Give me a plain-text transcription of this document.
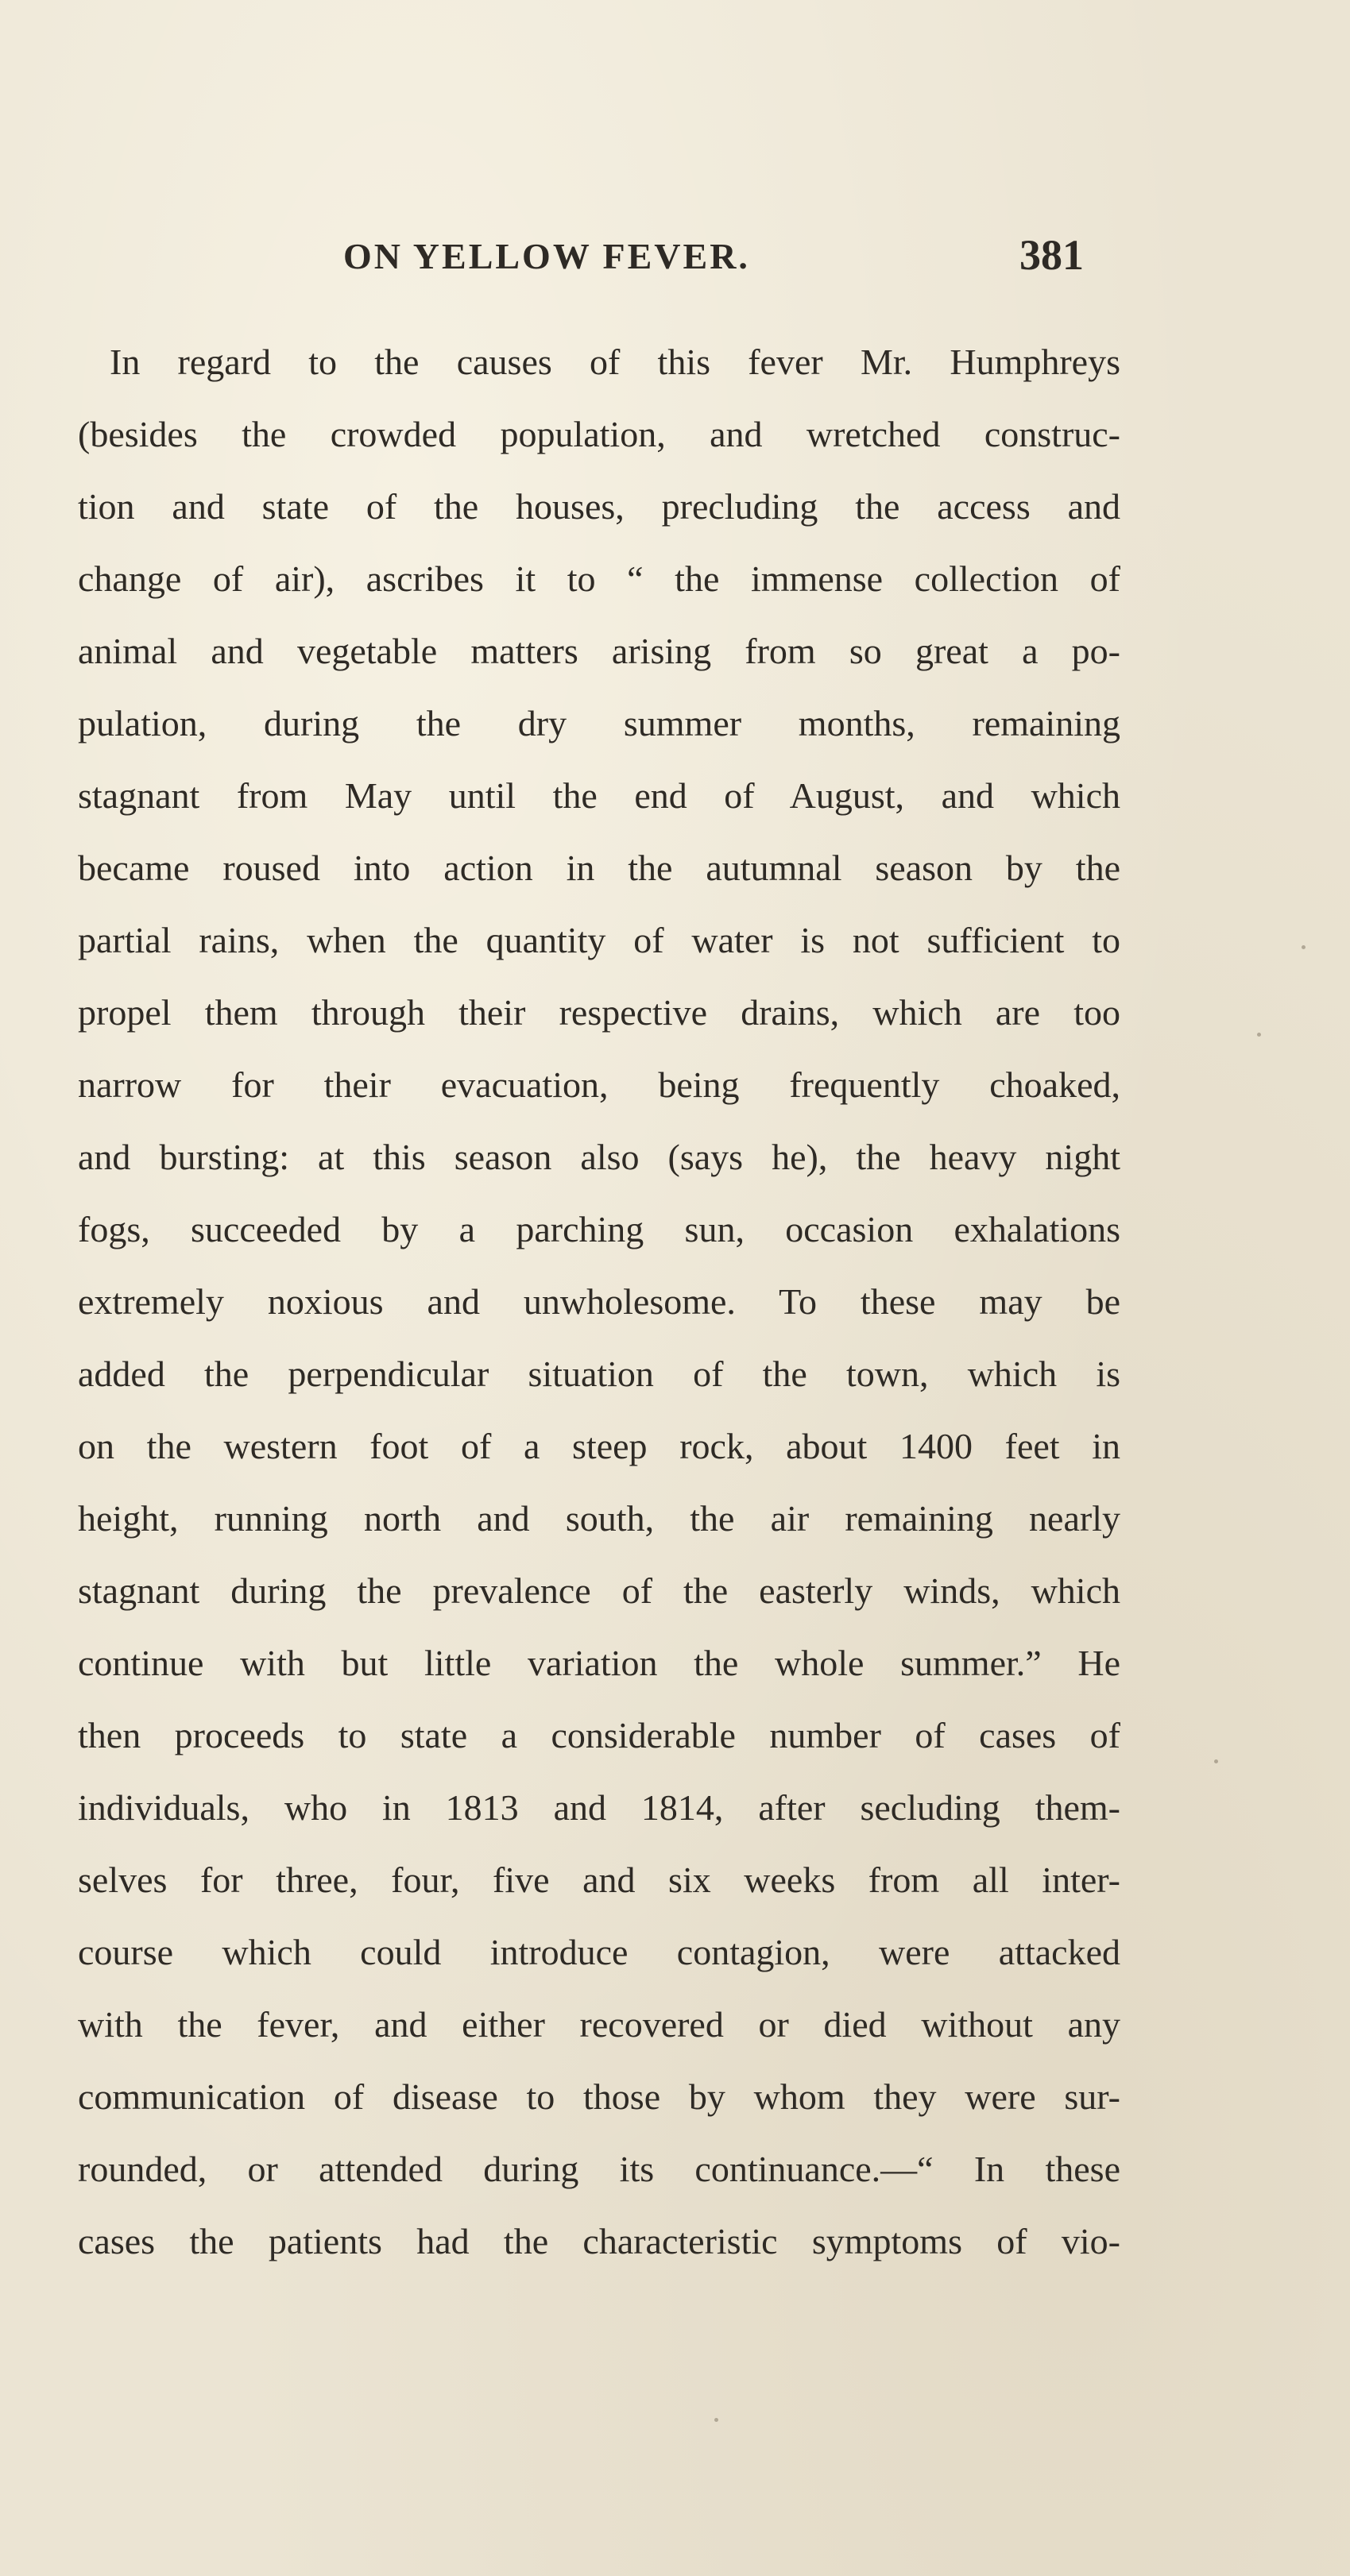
ON YELLOW FEVER.	381
In regard to the causes of this fever Mr. Humphreys
(besides the crowded population, and wretched construc-
tion and state of the houses, precluding the access and
change of air), ascribes it to “ the immense collection of
animal and vegetable matters arising from so great a po-
pulation, during the dry summer months, remaining
stagnant from May until the end of August, and which
became roused into action in the autumnal season by the
partial rains, when the quantity of water is not sufficient to
propel them through their respective drains, which are too
narrow for their evacuation, being frequently choaked,
and bursting: at this season also (says he), the heavy night
fogs, succeeded by a parching sun, occasion exhalations
extremely noxious and unwholesome. To these may be
added the perpendicular situation of the town, which is
on the western foot of a steep rock, about 1400 feet in
height, running north and south, the air remaining nearly
stagnant during the prevalence of the easterly winds, which
continue with but little variation the whole summer.” He
then proceeds to state a considerable number of cases of
individuals, who in 1813 and 1814, after secluding them-
selves for three, four, five and six weeks from all inter-
course which could introduce contagion, were attacked
with the fever, and either recovered or died without any
communication of disease to those by whom they were sur-
rounded, or attended during its continuance.—“ In these
cases the patients had the characteristic symptoms of vio-
